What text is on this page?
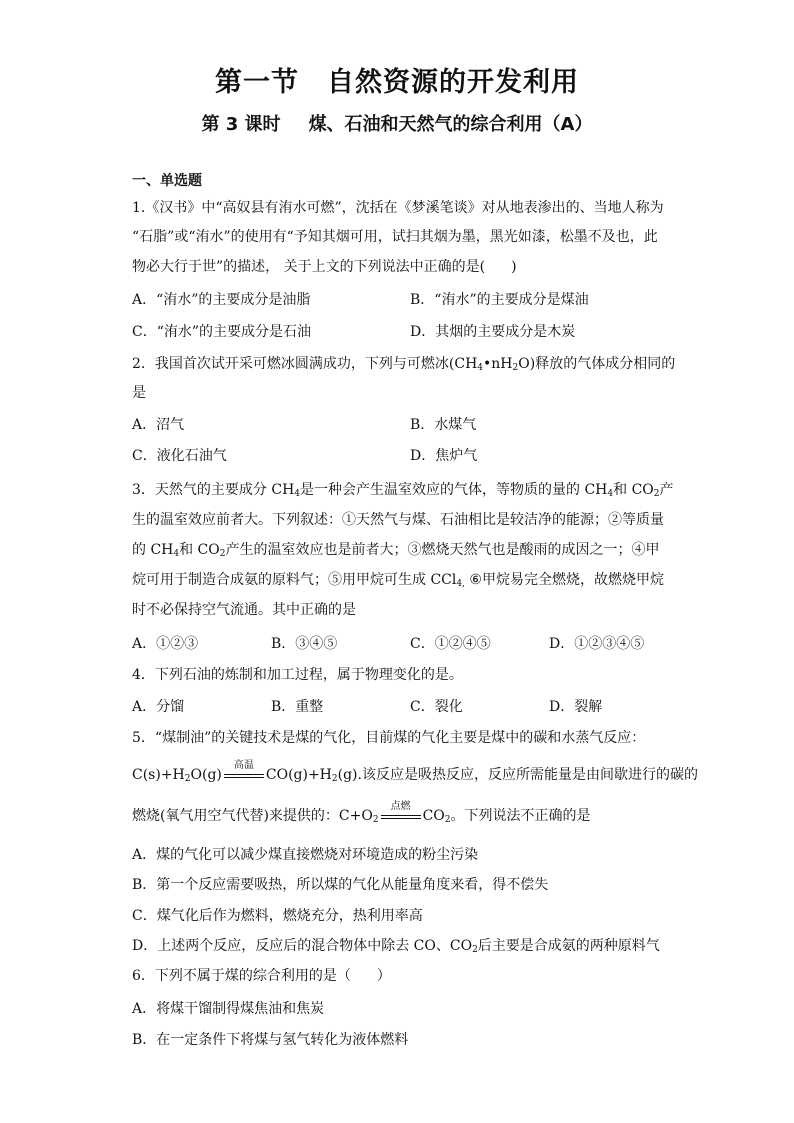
第一节　自然资源的开发利用
第 3 课时 煤、石油和天然气的综合利用（A）
一、单选题
1.《汉书》中“高奴县有洧水可燃”，沈括在《梦溪笔谈》对从地表渗出的、当地人称为
“石脂”或“洧水”的使用有“予知其烟可用，试扫其烟为墨，黑光如漆，松墨不及也，此
物必大行于世”的描述， 关于上文的下列说法中正确的是( )
A．“洧水”的主要成分是油脂	B．“洧水”的主要成分是煤油
C．“洧水”的主要成分是石油	D．其烟的主要成分是木炭
2．我国首次试开采可燃冰圆满成功，下列与可燃冰$(CH_4•nH_2O)$释放的气体成分相同的
是
A．沼气	B．水煤气
C．液化石油气	D．焦炉气
3．天然气的主要成分 $CH_4$是一种会产生温室效应的气体，等物质的量的 $CH_4$和 $CO_2$产
生的温室效应前者大。下列叙述：①天然气与煤、石油相比是较洁净的能源；②等质量
的 $CH_4$和 $CO_2$产生的温室效应也是前者大；③燃烧天然气也是酸雨的成因之一；④甲
烷可用于制造合成氨的原料气；⑤用甲烷可生成 CCl$_{4,}$ ⑥甲烷易完全燃烧，故燃烧甲烷
时不必保持空气流通。其中正确的是
A．①②③	B．③④⑤	C．①②④⑤	D．①②③④⑤
4．下列石油的炼制和加工过程，属于物理变化的是。
A．分馏	B．重整	C．裂化	D．裂解
5．“煤制油”的关键技术是煤的气化，目前煤的气化主要是煤中的碳和水蒸气反应：
$C(s)+H_2O(g)$
高温
$CO(g)+H_2(g)$.该反应是吸热反应，反应所需能量是由间歇进行的碳的
燃烧(氧气用空气代替)来提供的：$C+O_2$
点燃
$CO_2$。下列说法不正确的是
A．煤的气化可以减少煤直接燃烧对环境造成的粉尘污染
B．第一个反应需要吸热，所以煤的气化从能量角度来看，得不偿失
C．煤气化后作为燃料，燃烧充分，热利用率高
D．上述两个反应，反应后的混合物体中除去 CO、$CO_2$后主要是合成氨的两种原料气
6．下列不属于煤的综合利用的是（ ）
A．将煤干馏制得煤焦油和焦炭
B．在一定条件下将煤与氢气转化为液体燃料
